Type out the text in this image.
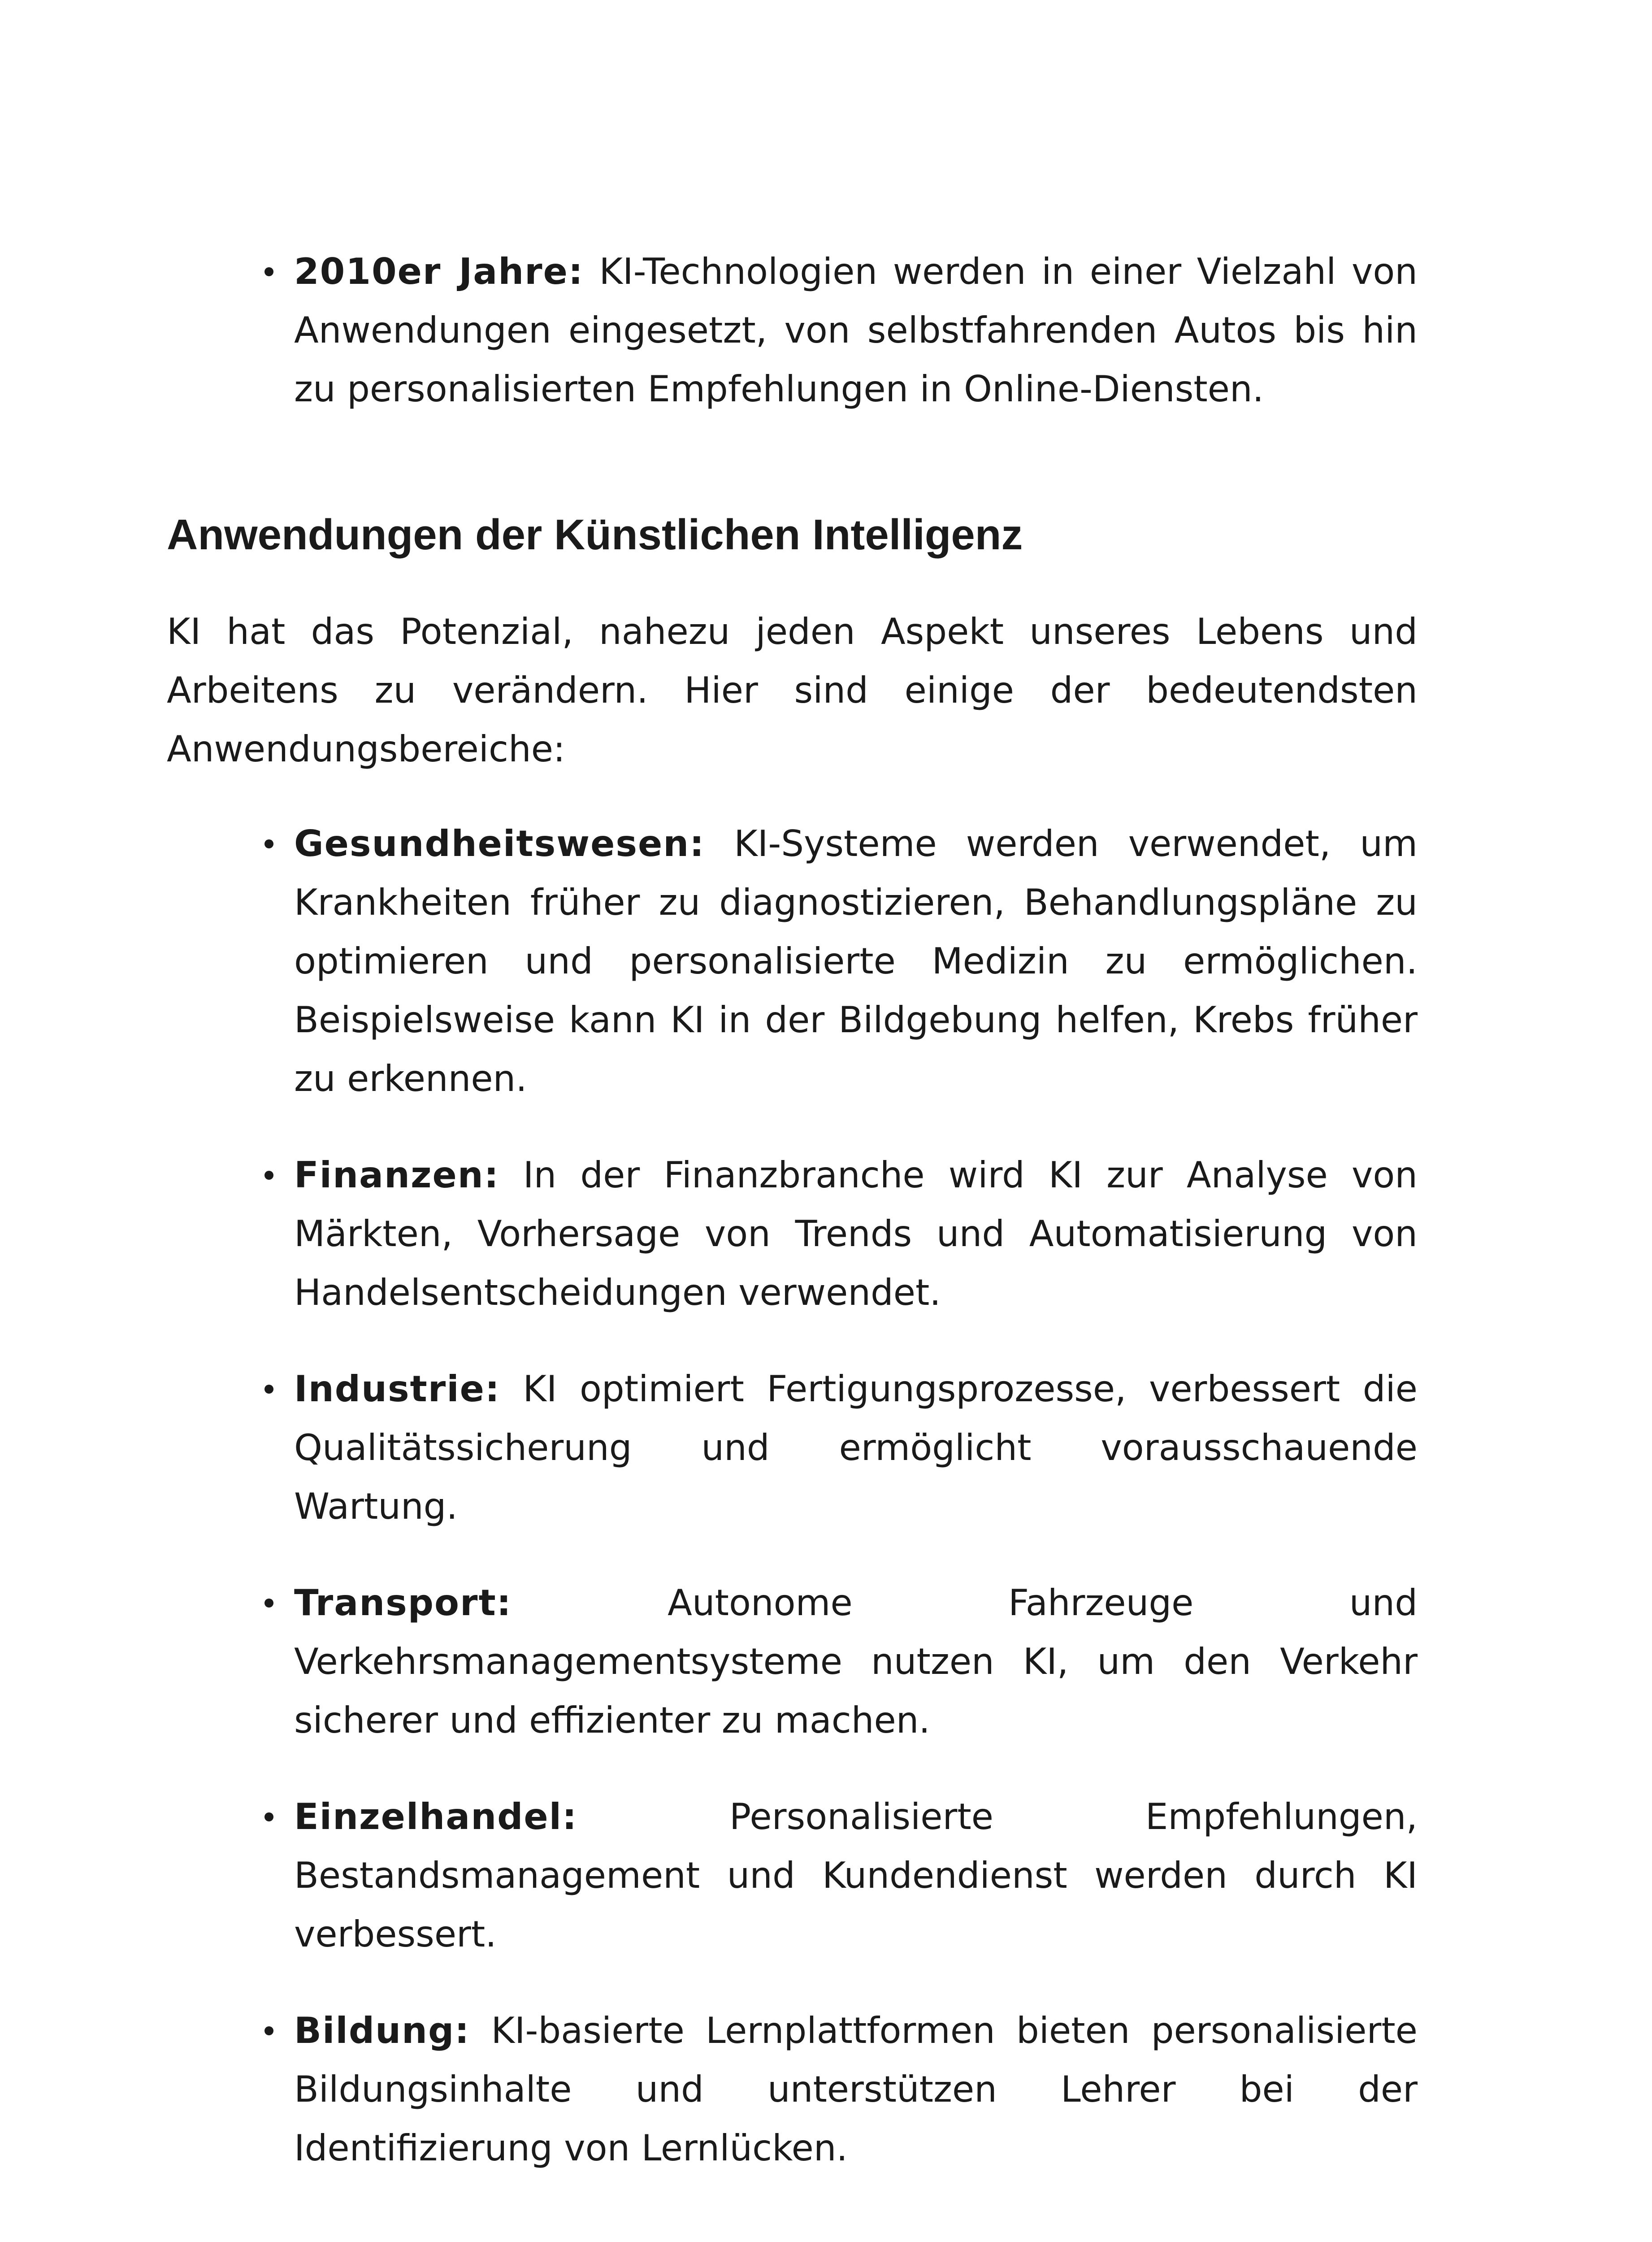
2010er Jahre: KI-Technologien werden in einer Vielzahl von Anwendungen eingesetzt, von selbstfahrenden Autos bis hin zu personalisierten Empfehlungen in Online-Diensten.
Anwendungen der Künstlichen Intelligenz

KI hat das Potenzial, nahezu jeden Aspekt unseres Lebens und Arbeitens zu verändern. Hier sind einige der bedeutendsten Anwendungsbereiche:

Gesundheitswesen: KI-Systeme werden verwendet, um Krankheiten früher zu diagnostizieren, Behandlungspläne zu optimieren und personalisierte Medizin zu ermöglichen. Beispielsweise kann KI in der Bildgebung helfen, Krebs früher zu erkennen.
Finanzen: In der Finanzbranche wird KI zur Analyse von Märkten, Vorhersage von Trends und Automatisierung von Handelsentscheidungen verwendet.
Industrie: KI optimiert Fertigungsprozesse, verbessert die Qualitätssicherung und ermöglicht vorausschauende Wartung.
Transport:	Autonome Fahrzeuge und Verkehrsmanagementsysteme nutzen KI, um den Verkehr sicherer und effizienter zu machen.
Einzelhandel:	Personalisierte Empfehlungen, Bestandsmanagement und Kundendienst werden durch KI verbessert.
Bildung: KI-basierte Lernplattformen bieten personalisierte Bildungsinhalte und unterstützen Lehrer bei der Identifizierung von Lernlücken.
